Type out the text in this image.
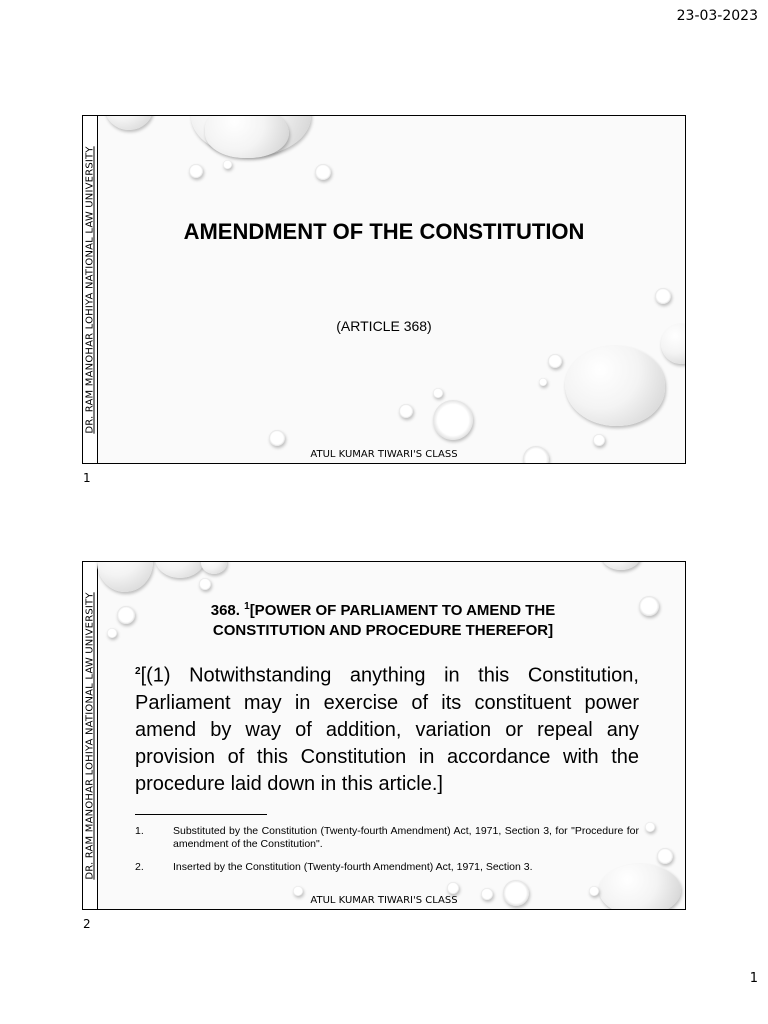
23-03-2023
DR. RAM MANOHAR LOHIYA NATIONAL LAW UNIVERSITY	AMENDMENT OF THE CONSTITUTION
(ARTICLE 368)
ATUL KUMAR TIWARI'S CLASS
1
DR. RAM MANOHAR LOHIYA NATIONAL LAW UNIVERSITY	368. $^1$[POWER OF PARLIAMENT TO AMEND THE
CONSTITUTION AND PROCEDURE THEREFOR]
$^2$[(1) Notwithstanding anything in this Constitution, Parliament may in exercise of its constituent power amend by way of addition, variation or repeal any provision of this Constitution in accordance with the procedure laid down in this article.]
1.	Substituted by the Constitution (Twenty-fourth Amendment) Act, 1971, Section 3, for "Procedure for amendment of the Constitution".
2.	Inserted by the Constitution (Twenty-fourth Amendment) Act, 1971, Section 3.
ATUL KUMAR TIWARI'S CLASS
2
1
